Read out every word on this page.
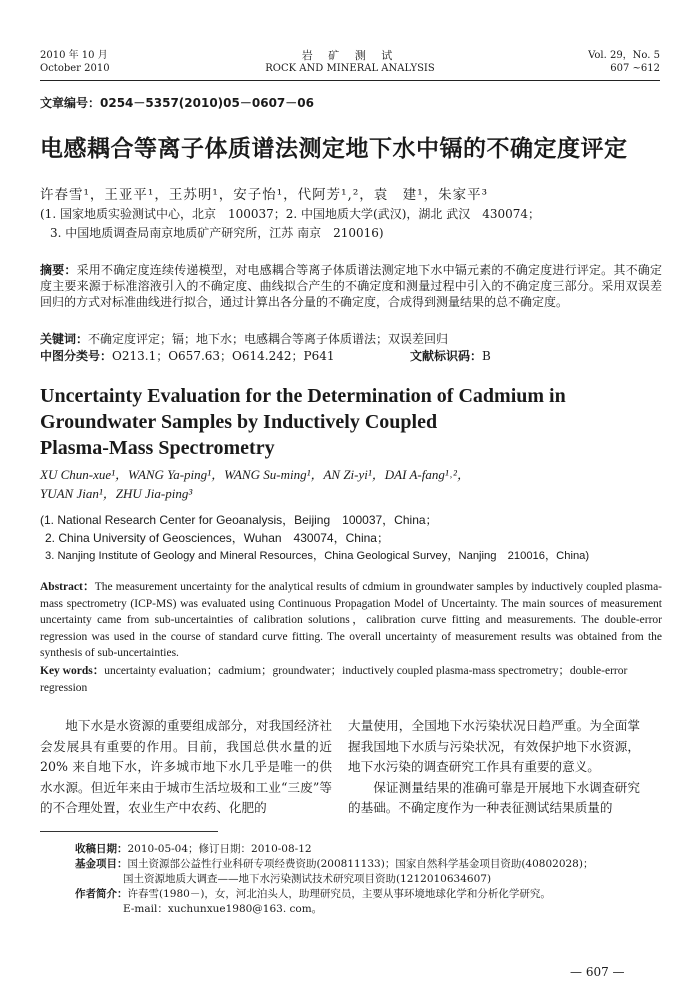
2010 年 10 月
October 2010
岩 矿 测 试
ROCK AND MINERAL ANALYSIS
Vol. 29，No. 5
607 ~612
文章编号：0254－5357(2010)05－0607－06
电感耦合等离子体质谱法测定地下水中镉的不确定度评定
许春雪¹，王亚平¹，王苏明¹，安子怡¹，代阿芳¹,²，袁　建¹，朱家平³
(1. 国家地质实验测试中心，北京　100037；2. 中国地质大学(武汉)，湖北 武汉　430074；
3. 中国地质调查局南京地质矿产研究所，江苏 南京　210016)
摘要：采用不确定度连续传递模型，对电感耦合等离子体质谱法测定地下水中镉元素的不确定度进行评定。其不确定度主要来源于标准溶液引入的不确定度、曲线拟合产生的不确定度和测量过程中引入的不确定度三部分。采用双误差回归的方式对标准曲线进行拟合，通过计算出各分量的不确定度，合成得到测量结果的总不确定度。
关键词：不确定度评定；镉；地下水；电感耦合等离子体质谱法；双误差回归
中图分类号：O213.1；O657.63；O614.242；P641	文献标识码：B
Uncertainty Evaluation for the Determination of Cadmium in
Groundwater Samples by Inductively Coupled
Plasma-Mass Spectrometry
XU Chun-xue¹，WANG Ya-ping¹，WANG Su-ming¹，AN Zi-yi¹，DAI A-fang¹˒²，
YUAN Jian¹，ZHU Jia-ping³
(1. National Research Center for Geoanalysis，Beijing　100037，China；
2. China University of Geosciences，Wuhan　430074，China；
3. Nanjing Institute of Geology and Mineral Resources，China Geological Survey，Nanjing　210016，China)
Abstract：The measurement uncertainty for the analytical results of cdmium in groundwater samples by inductively coupled plasma-mass spectrometry (ICP-MS) was evaluated using Continuous Propagation Model of Uncertainty. The main sources of measurement uncertainty came from sub-uncertainties of calibration solutions，calibration curve fitting and measurements. The double-error regression was used in the course of standard curve fitting. The overall uncertainty of measurement results was obtained from the synthesis of sub-uncertainties.
Key words：uncertainty evaluation；cadmium；groundwater；inductively coupled plasma-mass spectrometry；double-error regression
地下水是水资源的重要组成部分，对我国经济社会发展具有重要的作用。目前，我国总供水量的近 20% 来自地下水，许多城市地下水几乎是唯一的供水水源。但近年来由于城市生活垃圾和工业“三废”等的不合理处置，农业生产中农药、化肥的
大量使用，全国地下水污染状况日趋严重。为全面掌握我国地下水质与污染状况，有效保护地下水资源，地下水污染的调查研究工作具有重要的意义。
保证测量结果的准确可靠是开展地下水调查研究的基础。不确定度作为一种表征测试结果质量的
收稿日期：2010-05-04；修订日期：2010-08-12
基金项目：国土资源部公益性行业科研专项经费资助(200811133)；国家自然科学基金项目资助(40802028)；
国土资源地质大调查——地下水污染测试技术研究项目资助(1212010634607)
作者简介：许春雪(1980－)，女，河北泊头人，助理研究员，主要从事环境地球化学和分析化学研究。
E-mail：xuchunxue1980@163. com。
— 607 —
